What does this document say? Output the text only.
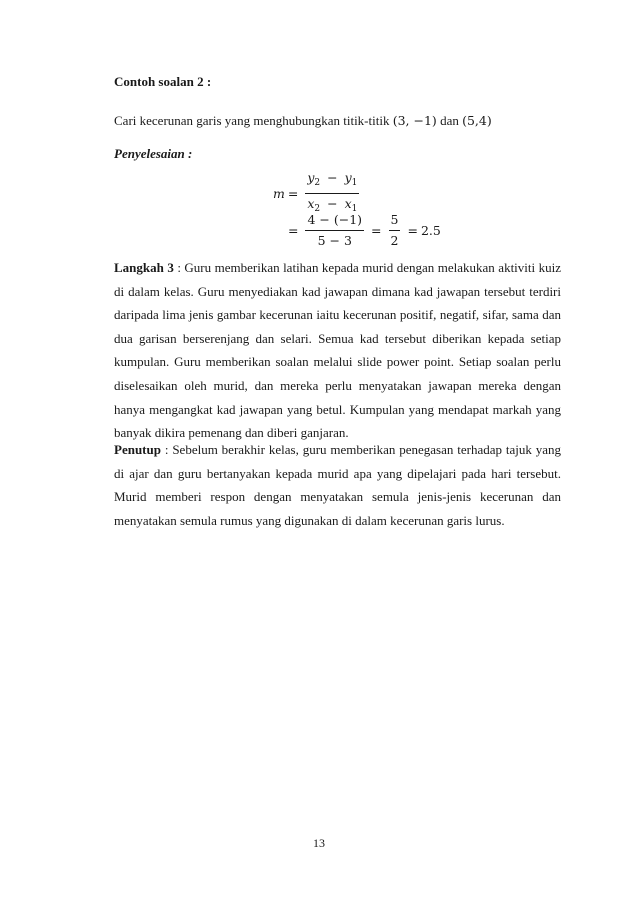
Contoh soalan 2 :
Cari kecerunan garis yang menghubungkan titik-titik (3, −1) dan (5,4)
Penyelesaian :
$m = \frac{y_2 - y_1}{x_2 - x_1}$
= $\frac{4 - (-1)}{5 - 3} = \frac{5}{2} = 2.5$

Langkah 3 : Guru memberikan latihan kepada murid dengan melakukan aktiviti kuiz di dalam kelas. Guru menyediakan kad jawapan dimana kad jawapan tersebut terdiri daripada lima jenis gambar kecerunan iaitu kecerunan positif, negatif, sifar, sama dan dua garisan berserenjang dan selari. Semua kad tersebut diberikan kepada setiap kumpulan. Guru memberikan soalan melalui slide power point. Setiap soalan perlu diselesaikan oleh murid, dan mereka perlu menyatakan jawapan mereka dengan hanya mengangkat kad jawapan yang betul. Kumpulan yang mendapat markah yang banyak dikira pemenang dan diberi ganjaran.

Penutup : Sebelum berakhir kelas, guru memberikan penegasan terhadap tajuk yang di ajar dan guru bertanyakan kepada murid apa yang dipelajari pada hari tersebut. Murid memberi respon dengan menyatakan semula jenis-jenis kecerunan dan menyatakan semula rumus yang digunakan di dalam kecerunan garis lurus.

13
